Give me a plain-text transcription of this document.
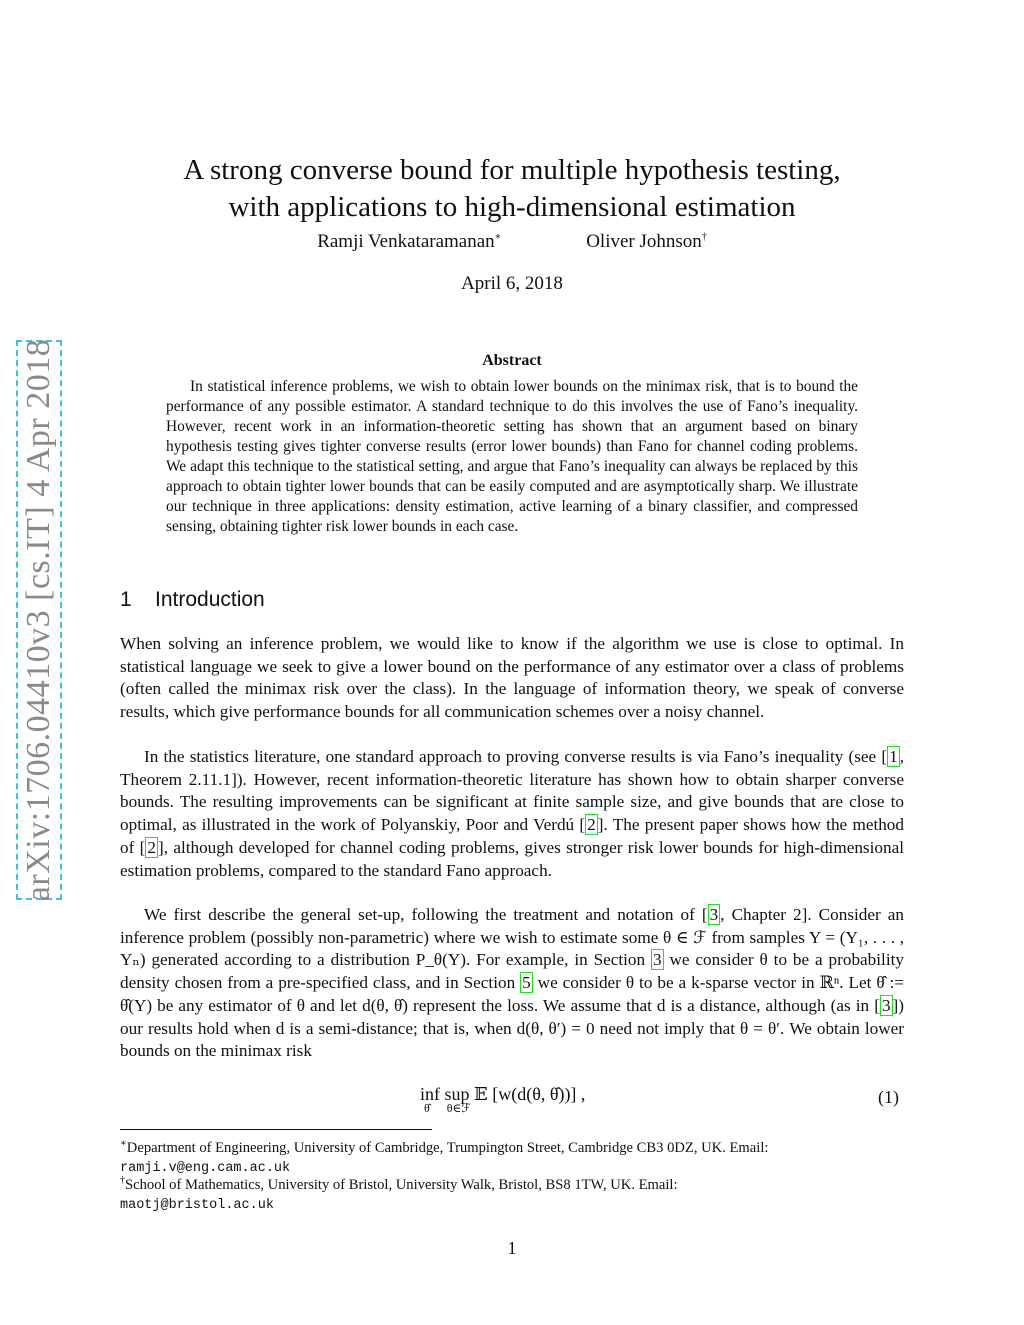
A strong converse bound for multiple hypothesis testing,
with applications to high-dimensional estimation
Ramji Venkataramanan∗	Oliver Johnson†
April 6, 2018
arXiv:1706.04410v3 [cs.IT] 4 Apr 2018	Abstract

In statistical inference problems, we wish to obtain lower bounds on the minimax risk, that is to bound the performance of any possible estimator. A standard technique to do this involves the use of Fano’s inequality. However, recent work in an information-theoretic setting has shown that an argument based on binary hypothesis testing gives tighter converse results (error lower bounds) than Fano for channel coding problems. We adapt this technique to the statistical setting, and argue that Fano’s inequality can always be replaced by this approach to obtain tighter lower bounds that can be easily computed and are asymptotically sharp. We illustrate our technique in three applications: density estimation, active learning of a binary classifier, and compressed sensing, obtaining tighter risk lower bounds in each case.

1 Introduction

When solving an inference problem, we would like to know if the algorithm we use is close to optimal. In statistical language we seek to give a lower bound on the performance of any estimator over a class of problems (often called the minimax risk over the class). In the language of information theory, we speak of converse results, which give performance bounds for all communication schemes over a noisy channel.

In the statistics literature, one standard approach to proving converse results is via Fano’s inequality (see [ 1 , Theorem 2.11.1]). However, recent information-theoretic literature has shown how to obtain sharper converse bounds. The resulting improvements can be significant at finite sample size, and give bounds that are close to optimal, as illustrated in the work of Polyanskiy, Poor and Verdú [ 2 ]. The present paper shows how the method of [ 2 ], although developed for channel coding problems, gives stronger risk lower bounds for high-dimensional estimation problems, compared to the standard Fano approach.

We first describe the general set-up, following the treatment and notation of [ 3 , Chapter 2]. Consider an inference problem (possibly non-parametric) where we wish to estimate some θ ∈ ℱ from samples Y = (Y₁, . . . , Yₙ) generated according to a distribution P_θ(Y). For example, in Section 3 we consider θ to be a probability density chosen from a pre-specified class, and in Section 5 we consider θ to be a k-sparse vector in ℝⁿ. Let θ̂ := θ̂(Y) be any estimator of θ and let d(θ, θ̂) represent the loss. We assume that d is a distance, although (as in [ 3 ]) our results hold when d is a semi-distance; that is, when d(θ, θ′) = 0 need not imply that θ = θ′. We obtain lower bounds on the minimax risk

inf sup 𝔼 [w(d(θ, θ̂))] ,
θ̂ θ∈ℱ
(1)

∗Department of Engineering, University of Cambridge, Trumpington Street, Cambridge CB3 0DZ, UK. Email:
ramji.v@eng.cam.ac.uk

†School of Mathematics, University of Bristol, University Walk, Bristol, BS8 1TW, UK. Email:
maotj@bristol.ac.uk

1
